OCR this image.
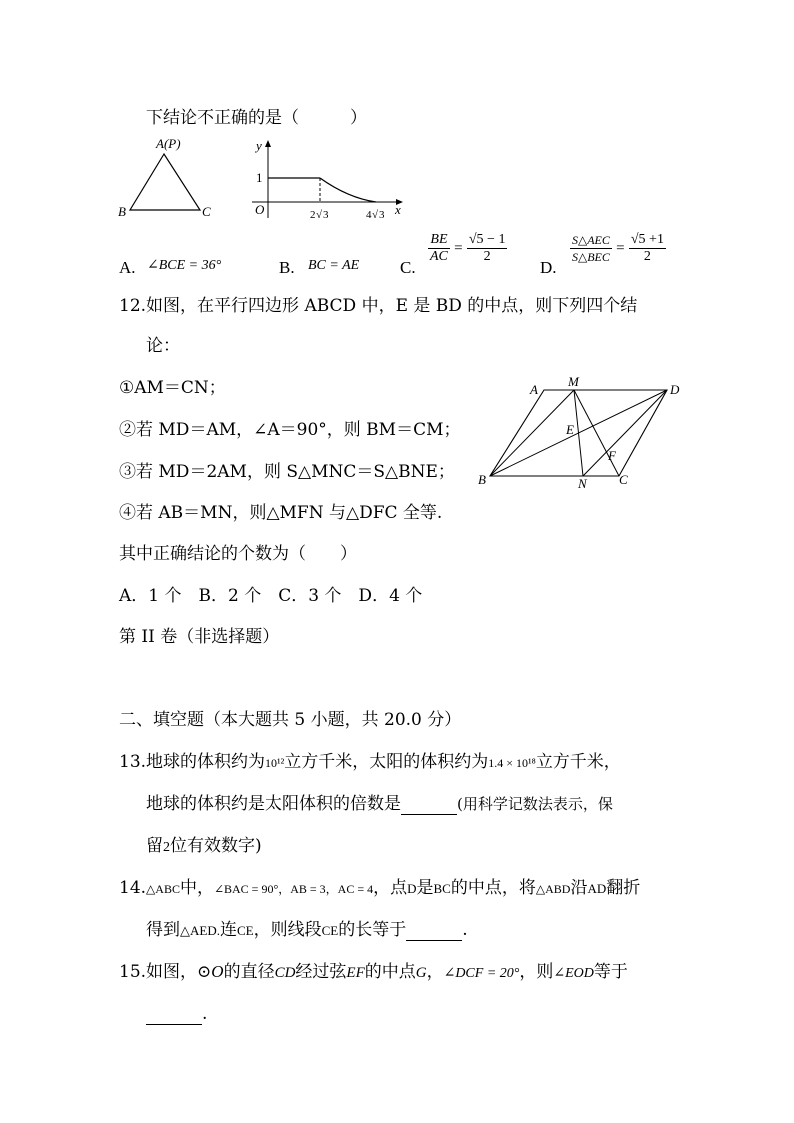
下结论不正确的是（　　　）
A(P)
B	C
y
1
O	x
2 √ 3	4 √ 3
A. ∠BCE = 36°	B. BC = AE C.
$\frac{BE}{AC} = \frac{√5 - 1}{2}$
D.
$\frac{\text{S△AEC}}{\text{S△BEC}} = \frac{√5 +1}{2}$
12.如图，在平行四边形 ABCD 中，E 是 BD 的中点，则下列四个结
论：
①AM＝CN；
②若 MD＝AM，∠A＝90°，则 BM＝CM；
③若 MD＝2AM，则 S△MNC＝S△BNE；
④若 AB＝MN，则△MFN 与△DFC 全等.
其中正确结论的个数为（　　）
A．1 个　B．2 个　C．3 个　D．4 个
A
M
D
E
F
B	N C
第 II 卷（非选择题）
二、填空题（本大题共 5 小题，共 20.0 分）
13.地球的体积约为10¹²立方千米，太阳的体积约为1.4 × 10¹⁸立方千米，
地球的体积约是太阳体积的倍数是	(用科学记数法表示，保
留2位有效数字)
14.△ABC中，∠BAC = 90°，AB = 3，AC = 4，点D是BC的中点，将△ABD沿AD翻折
得到△AED.连CE，则线段CE的长等于	.
15.如图，⊙O的直径CD经过弦EF的中点G，∠DCF = 20°，则∠EOD等于
.
